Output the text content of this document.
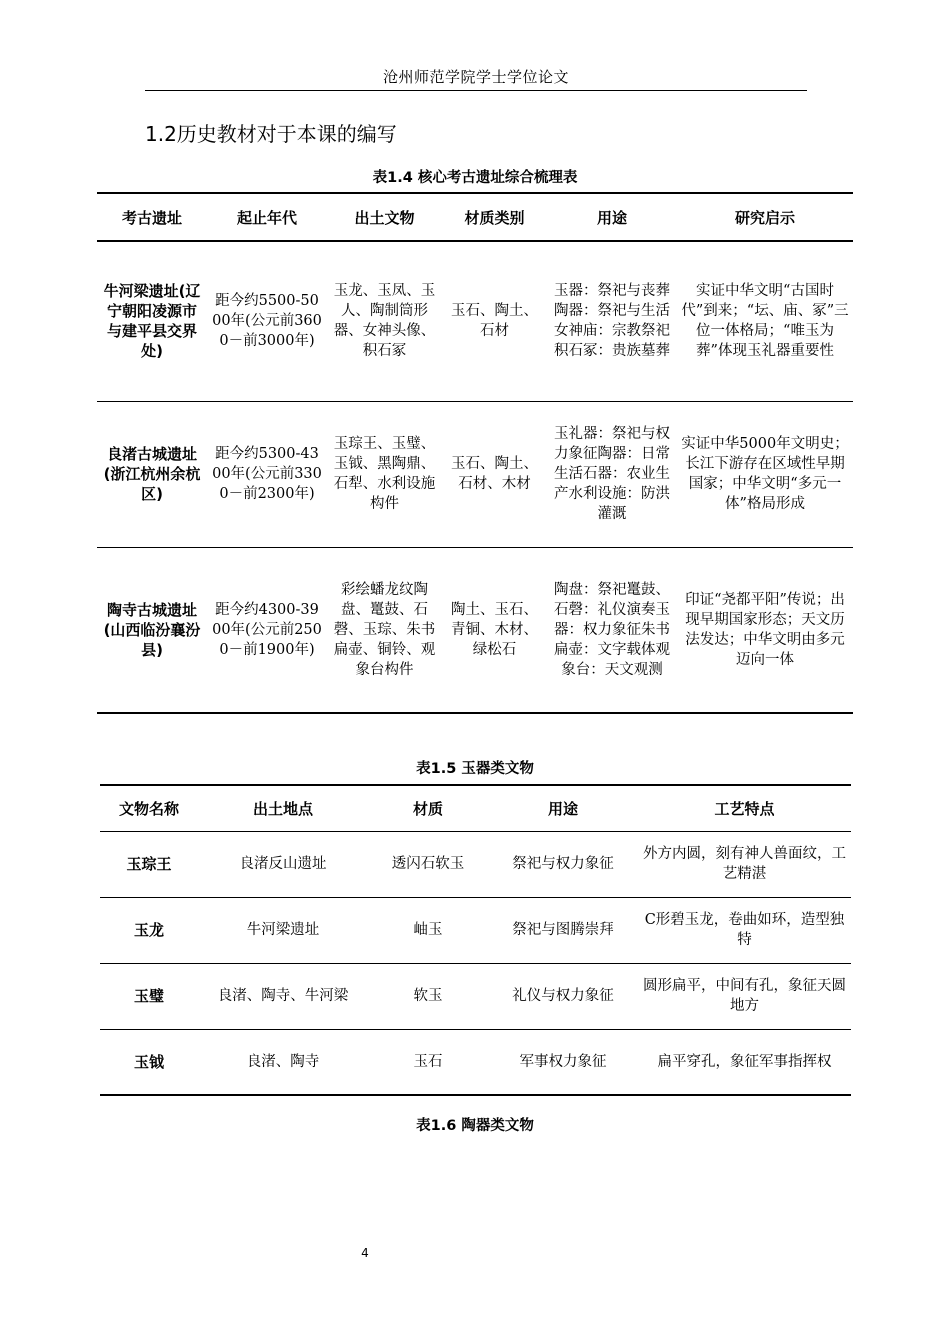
沧州师范学院学士学位论文
1.2历史教材对于本课的编写
表1.4 核心考古遗址综合梳理表
考古遗址	起止年代	出土文物	材质类别	用途	研究启示
牛河梁遗址(辽宁朝阳凌源市与建平县交界处)	距今约5500-5000年(公元前3600－前3000年)	玉龙、玉凤、玉人、陶制筒形器、女神头像、积石冢	玉石、陶土、石材	玉器：祭祀与丧葬陶器：祭祀与生活女神庙：宗教祭祀积石冢：贵族墓葬	实证中华文明“古国时代”到来；“坛、庙、冢”三位一体格局；“唯玉为葬”体现玉礼器重要性
良渚古城遗址(浙江杭州余杭区)	距今约5300-4300年(公元前3300－前2300年)	玉琮王、玉璧、玉钺、黑陶鼎、石犁、水利设施构件	玉石、陶土、石材、木材	玉礼器：祭祀与权力象征陶器：日常生活石器：农业生产水利设施：防洪灌溉	实证中华5000年文明史；长江下游存在区域性早期国家；中华文明“多元一体”格局形成
陶寺古城遗址(山西临汾襄汾县)	距今约4300-3900年(公元前2500－前1900年)	彩绘蟠龙纹陶盘、鼍鼓、石磬、玉琮、朱书扁壶、铜铃、观象台构件	陶土、玉石、青铜、木材、绿松石	陶盘：祭祀鼍鼓、石磬：礼仪演奏玉器：权力象征朱书扁壶：文字载体观象台：天文观测	印证“尧都平阳”传说；出现早期国家形态；天文历法发达；中华文明由多元迈向一体
表1.5 玉器类文物
文物名称	出土地点	材质	用途	工艺特点
玉琮王	良渚反山遗址	透闪石软玉	祭祀与权力象征	外方内圆，刻有神人兽面纹，工艺精湛
玉龙	牛河梁遗址	岫玉	祭祀与图腾崇拜	C形碧玉龙，卷曲如环，造型独特
玉璧	良渚、陶寺、牛河梁	软玉	礼仪与权力象征	圆形扁平，中间有孔，象征天圆地方
玉钺	良渚、陶寺	玉石	军事权力象征	扁平穿孔，象征军事指挥权
表1.6 陶器类文物
4
